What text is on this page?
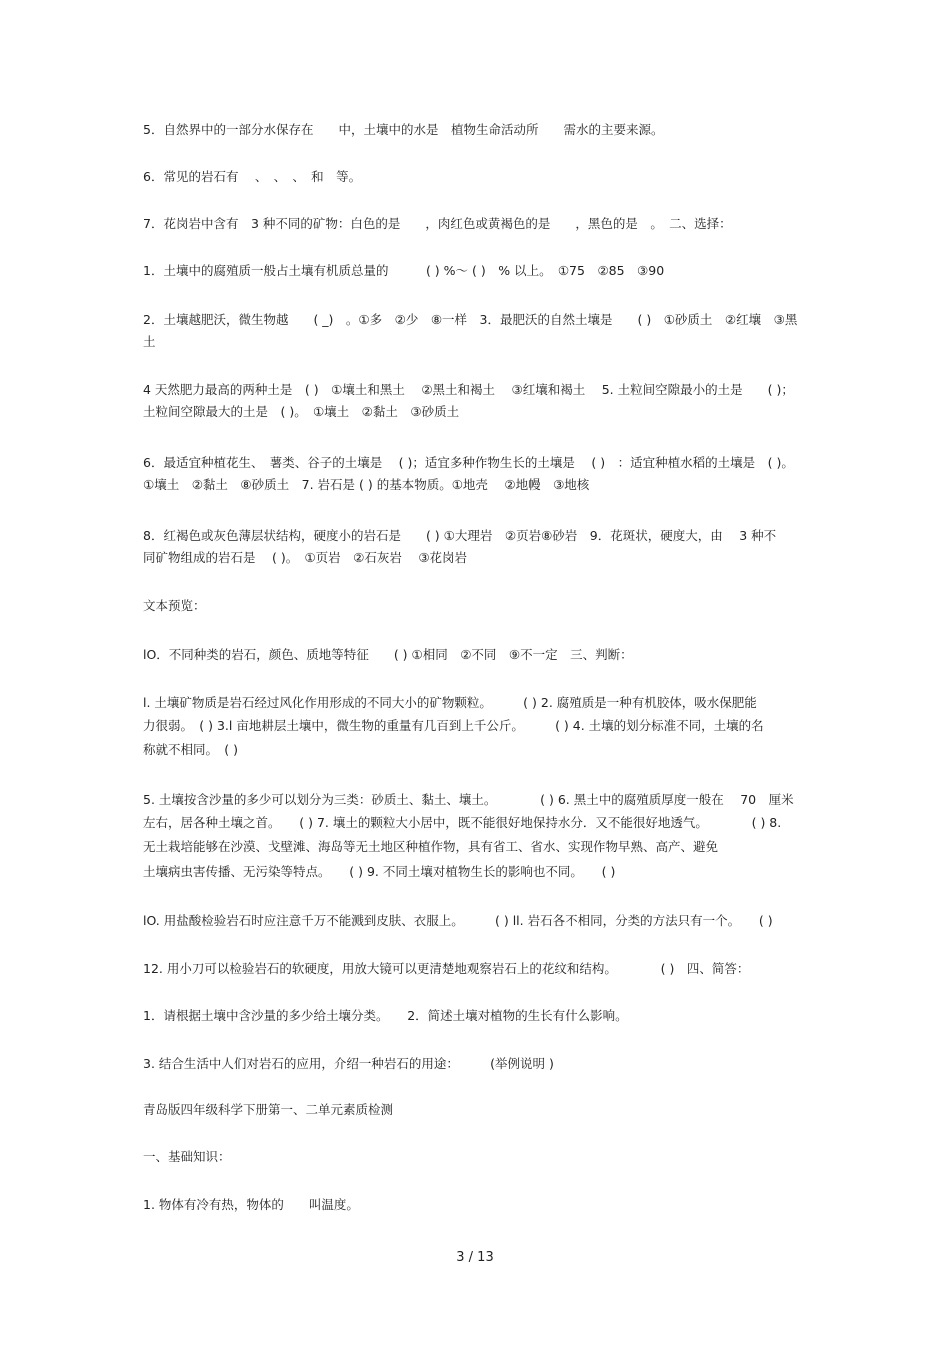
5．自然界中的一部分水保存在　　中，土壤中的水是　植物生命活动所　　需水的主要来源。
6．常见的岩石有　 、　、　、　和　等。
7．花岗岩中含有　3 种不同的矿物：白色的是　　，肉红色或黄褐色的是　　，黑色的是　。　二、选择：
1．土壤中的腐殖质一般占土壤有机质总量的　　　( ) %～ ( )　% 以上。　①75　②85　③90
2．土壤越肥沃，微生物越　　( _)　。①多　②少　⑧一样　3．最肥沃的自然土壤是　　( )　①砂质土　②红壤　③黑
土
4 天然肥力最高的两种土是　( )　①壤土和黑土　 ②黑土和褐土　 ③红壤和褐土　 5. 土粒间空隙最小的土是　　( )；
土粒间空隙最大的土是　( )。　①壤土　②黏土　③砂质土
6．最适宜种植花生、　薯类、谷子的土壤是　 ( )；适宜多种作物生长的土壤是　 ( )　：适宜种植水稻的土壤是　( )。
①壤土　②黏土　⑧砂质土　7. 岩石是 ( ) 的基本物质。①地壳　 ②地幔　③地核
8．红褐色或灰色薄层状结构，硬度小的岩石是　　( ) ①大理岩　②页岩⑧砂岩　9．花斑状，硬度大，由　 3 种不
同矿物组成的岩石是　 ( )。　①页岩　②石灰岩　 ③花岗岩
文本预览：
lO．不同种类的岩石，颜色、质地等特征　　( ) ①相同　②不同　⑨不一定　三、判断：
l. 土壤矿物质是岩石经过风化作用形成的不同大小的矿物颗粒。　　　( ) 2. 腐殖质是一种有机胶体，吸水保肥能
力很弱。　( ) 3.l 亩地耕层土壤中，微生物的重量有几百到上千公斤。　　　( ) 4. 土壤的划分标准不同，土壤的名
称就不相同。　( )
5. 土壤按含沙量的多少可以划分为三类：砂质土、黏土、壤土。　　　　( ) 6. 黑土中的腐殖质厚度一般在　 70　厘米
左右，居各种土壤之首。　　( ) 7. 壤土的颗粒大小居中，既不能很好地保持水分．又不能很好地透气。　　　　( ) 8.
无土栽培能够在沙漠、戈壁滩、海岛等无土地区种植作物，具有省工、省水、实现作物早熟、高产、避免
土壤病虫害传播、无污染等特点。　　( ) 9. 不同土壤对植物生长的影响也不同。　　( )
lO. 用盐酸检验岩石时应注意千万不能溅到皮肤、衣服上。　　　( ) ll. 岩石各不相同，分类的方法只有一个。　　( )
12. 用小刀可以检验岩石的软硬度，用放大镜可以更清楚地观察岩石上的花纹和结构。　　　　( )　四、简答：
1．请根据土壤中含沙量的多少给土壤分类。　　2．简述土壤对植物的生长有什么影响。
3. 结合生活中人们对岩石的应用，介绍一种岩石的用途：　　　(举例说明 )
青岛版四年级科学下册第一、二单元素质检测
一、基础知识：
1. 物体有冷有热，物体的　　叫温度。
3 / 13
